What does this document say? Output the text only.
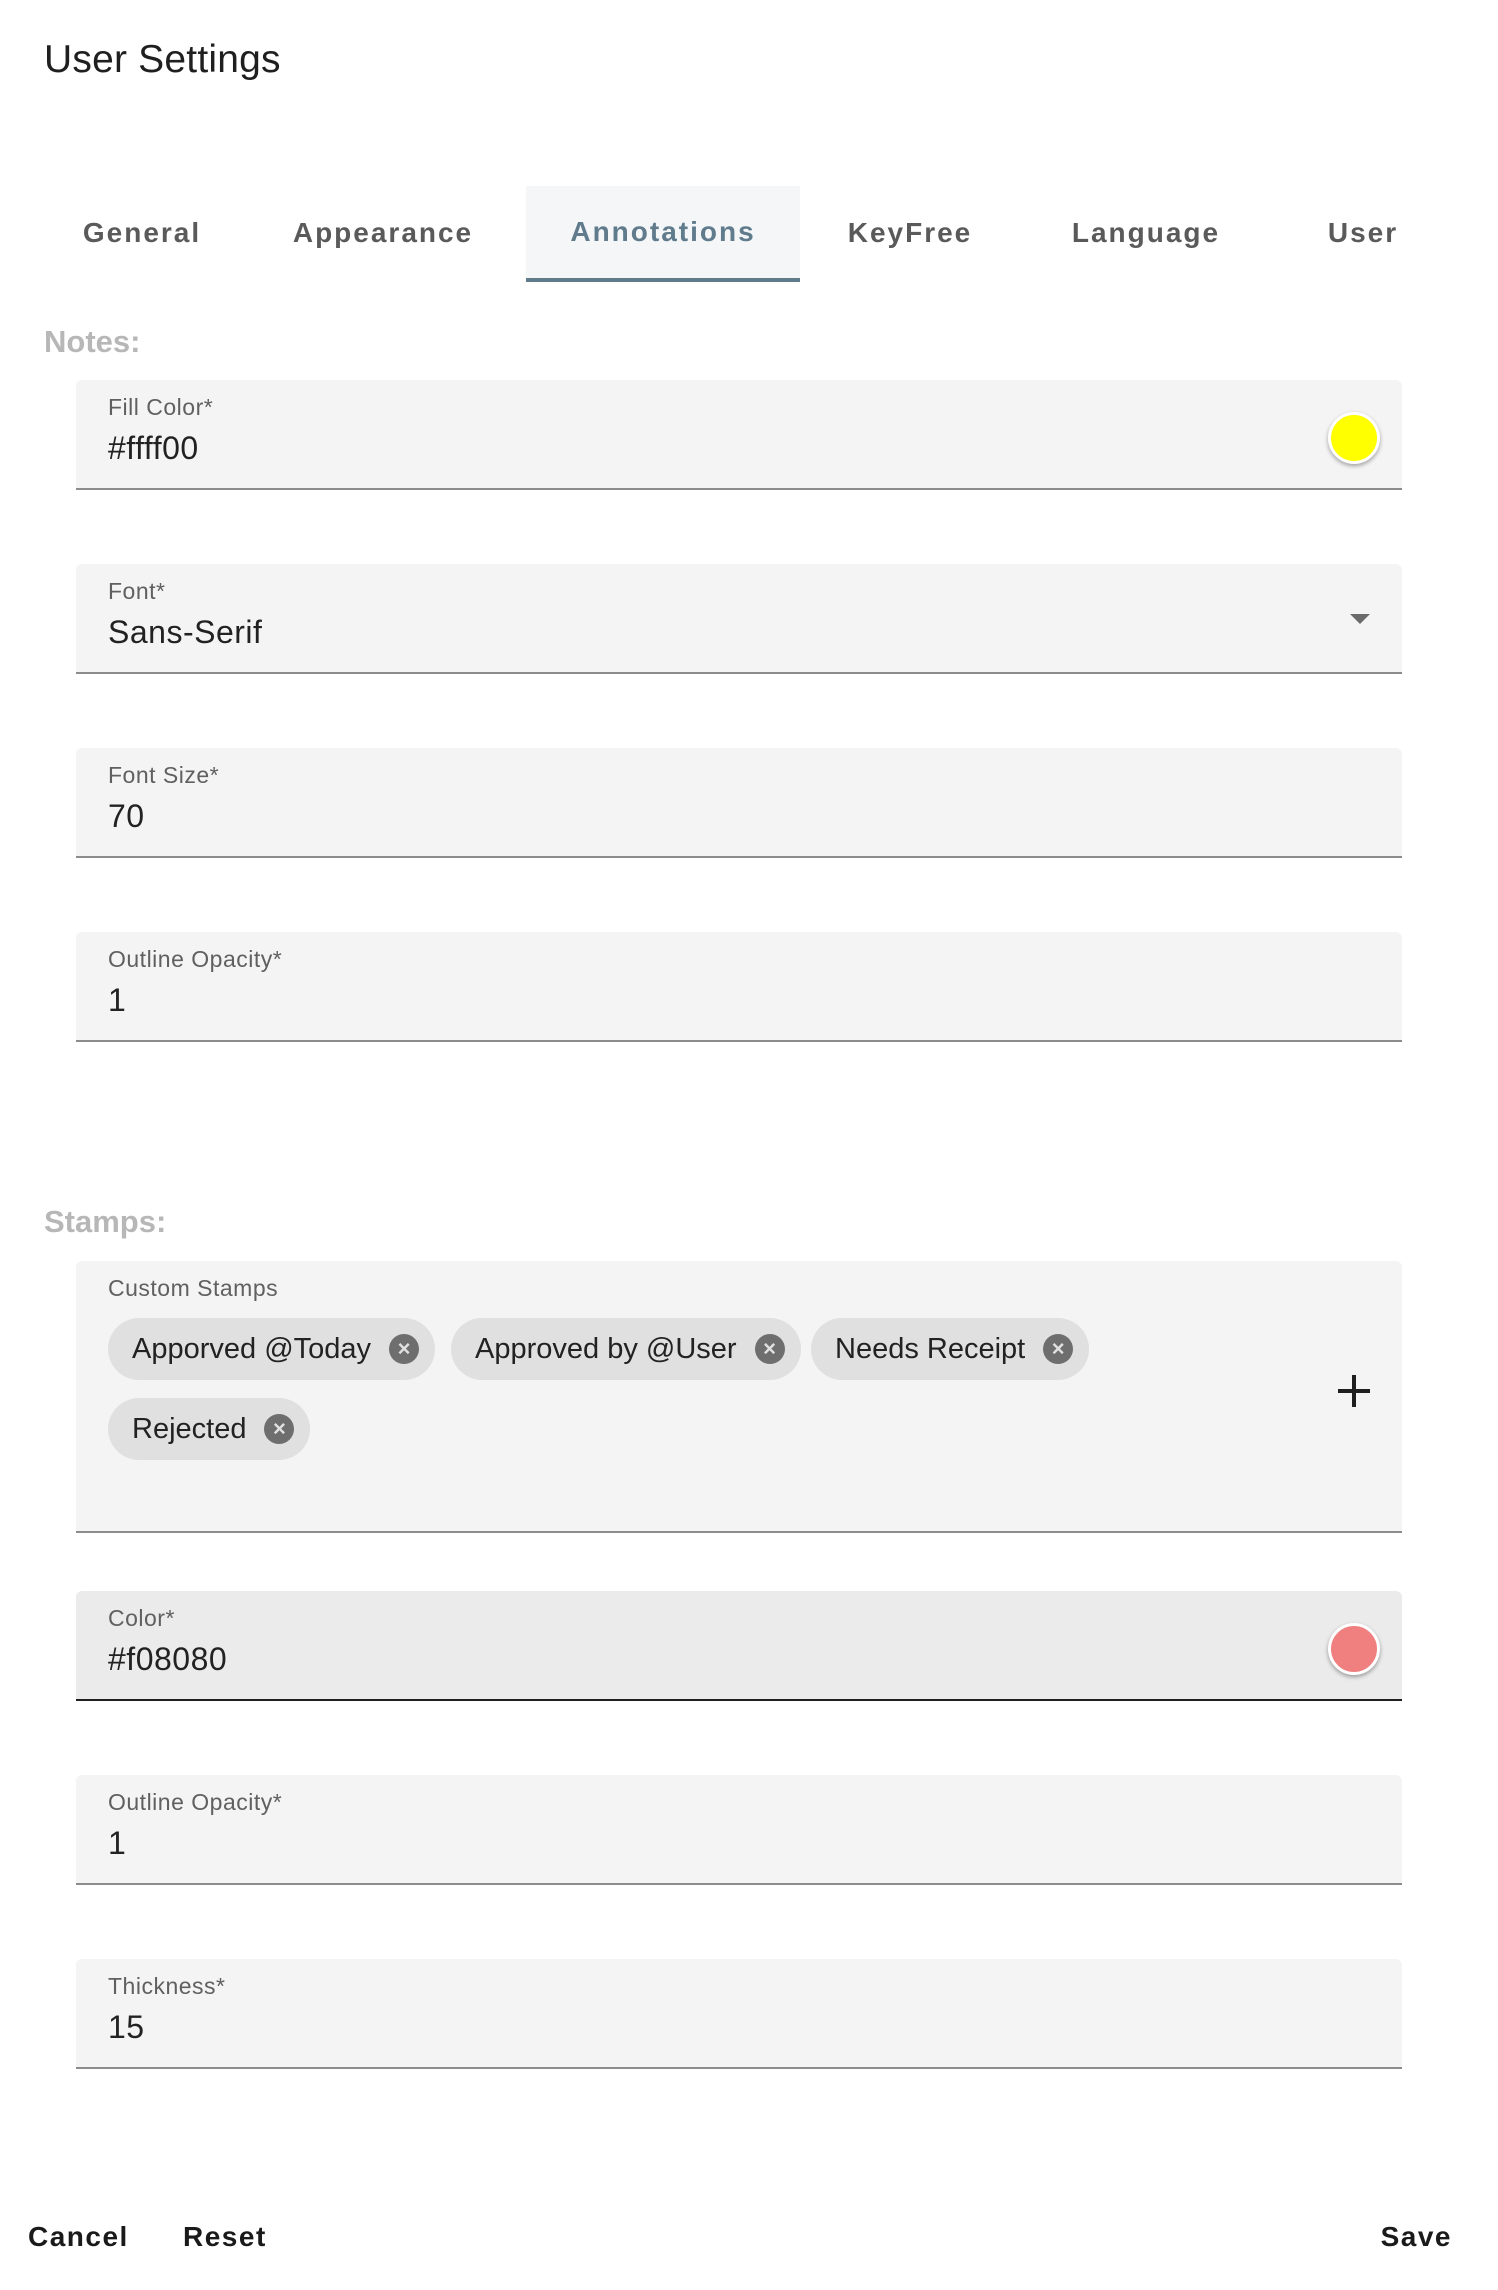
User Settings
General	Appearance	Annotations	KeyFree	Language	User
Notes:
Fill Color*
#ffff00
Font*
Sans-Serif
Font Size*
70
Outline Opacity*
1
Stamps:
Custom Stamps
Apporved @Today	× Approved by @User	× Needs Receipt	×
Rejected	×
Color*
#f08080
Outline Opacity*
1
Thickness*
15
Cancel Reset	Save
